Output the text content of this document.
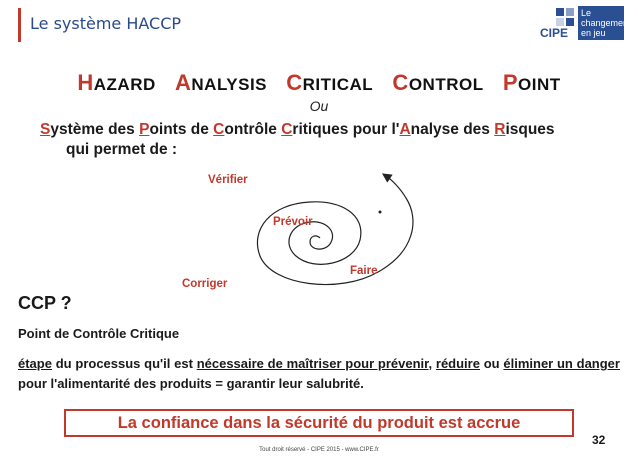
Le système HACCP	CIPE
Le
changement
en jeu
HAZARD ANALYSIS CRITICAL CONTROL POINT
Ou
Système des Points de Contrôle Critiques pour l'Analyse des Risques
qui permet de :
Vérifier
Prévoir
Faire
Corriger
CCP ?
Point de Contrôle Critique
étape du processus qu'il est nécessaire de maîtriser pour prévenir, réduire ou éliminer un danger pour l'alimentarité des produits = garantir leur salubrité.
La confiance dans la sécurité du produit est accrue
32
Tout droit réservé - CIPE 2015 - www.CIPE.fr
